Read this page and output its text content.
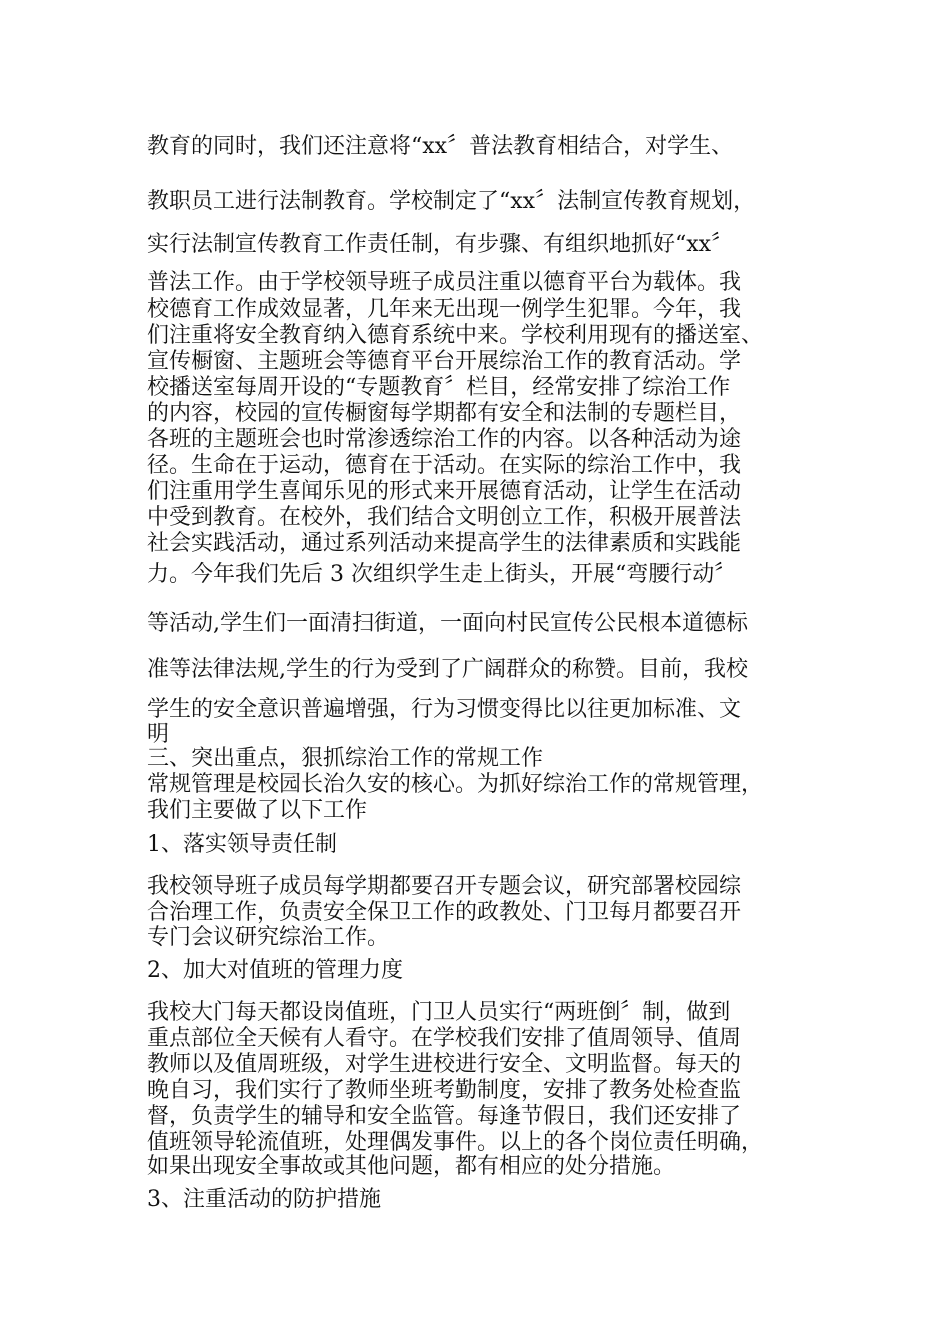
教育的同时，我们还注意将“xx〞普法教育相结合，对学生、
教职员工进行法制教育。学校制定了“xx〞法制宣传教育规划，
实行法制宣传教育工作责任制，有步骤、有组织地抓好“xx〞
普法工作。由于学校领导班子成员注重以德育平台为载体。我
校德育工作成效显著，几年来无出现一例学生犯罪。今年，我
们注重将安全教育纳入德育系统中来。学校利用现有的播送室、
宣传橱窗、主题班会等德育平台开展综治工作的教育活动。学
校播送室每周开设的“专题教育〞栏目，经常安排了综治工作
的内容，校园的宣传橱窗每学期都有安全和法制的专题栏目，
各班的主题班会也时常渗透综治工作的内容。以各种活动为途
径。生命在于运动，德育在于活动。在实际的综治工作中，我
们注重用学生喜闻乐见的形式来开展德育活动，让学生在活动
中受到教育。在校外，我们结合文明创立工作，积极开展普法
社会实践活动，通过系列活动来提高学生的法律素质和实践能
力。今年我们先后 3 次组织学生走上街头，开展“弯腰行动〞
等活动,学生们一面清扫街道，一面向村民宣传公民根本道德标
准等法律法规,学生的行为受到了广阔群众的称赞。目前，我校
学生的安全意识普遍增强，行为习惯变得比以往更加标准、文
明
三、突出重点，狠抓综治工作的常规工作
常规管理是校园长治久安的核心。为抓好综治工作的常规管理，
我们主要做了以下工作
1、落实领导责任制
我校领导班子成员每学期都要召开专题会议，研究部署校园综
合治理工作，负责安全保卫工作的政教处、门卫每月都要召开
专门会议研究综治工作。
2、加大对值班的管理力度
我校大门每天都设岗值班，门卫人员实行“两班倒〞制，做到
重点部位全天候有人看守。在学校我们安排了值周领导、值周
教师以及值周班级，对学生进校进行安全、文明监督。每天的
晚自习，我们实行了教师坐班考勤制度，安排了教务处检查监
督，负责学生的辅导和安全监管。每逢节假日，我们还安排了
值班领导轮流值班，处理偶发事件。以上的各个岗位责任明确，
如果出现安全事故或其他问题，都有相应的处分措施。
3、注重活动的防护措施
